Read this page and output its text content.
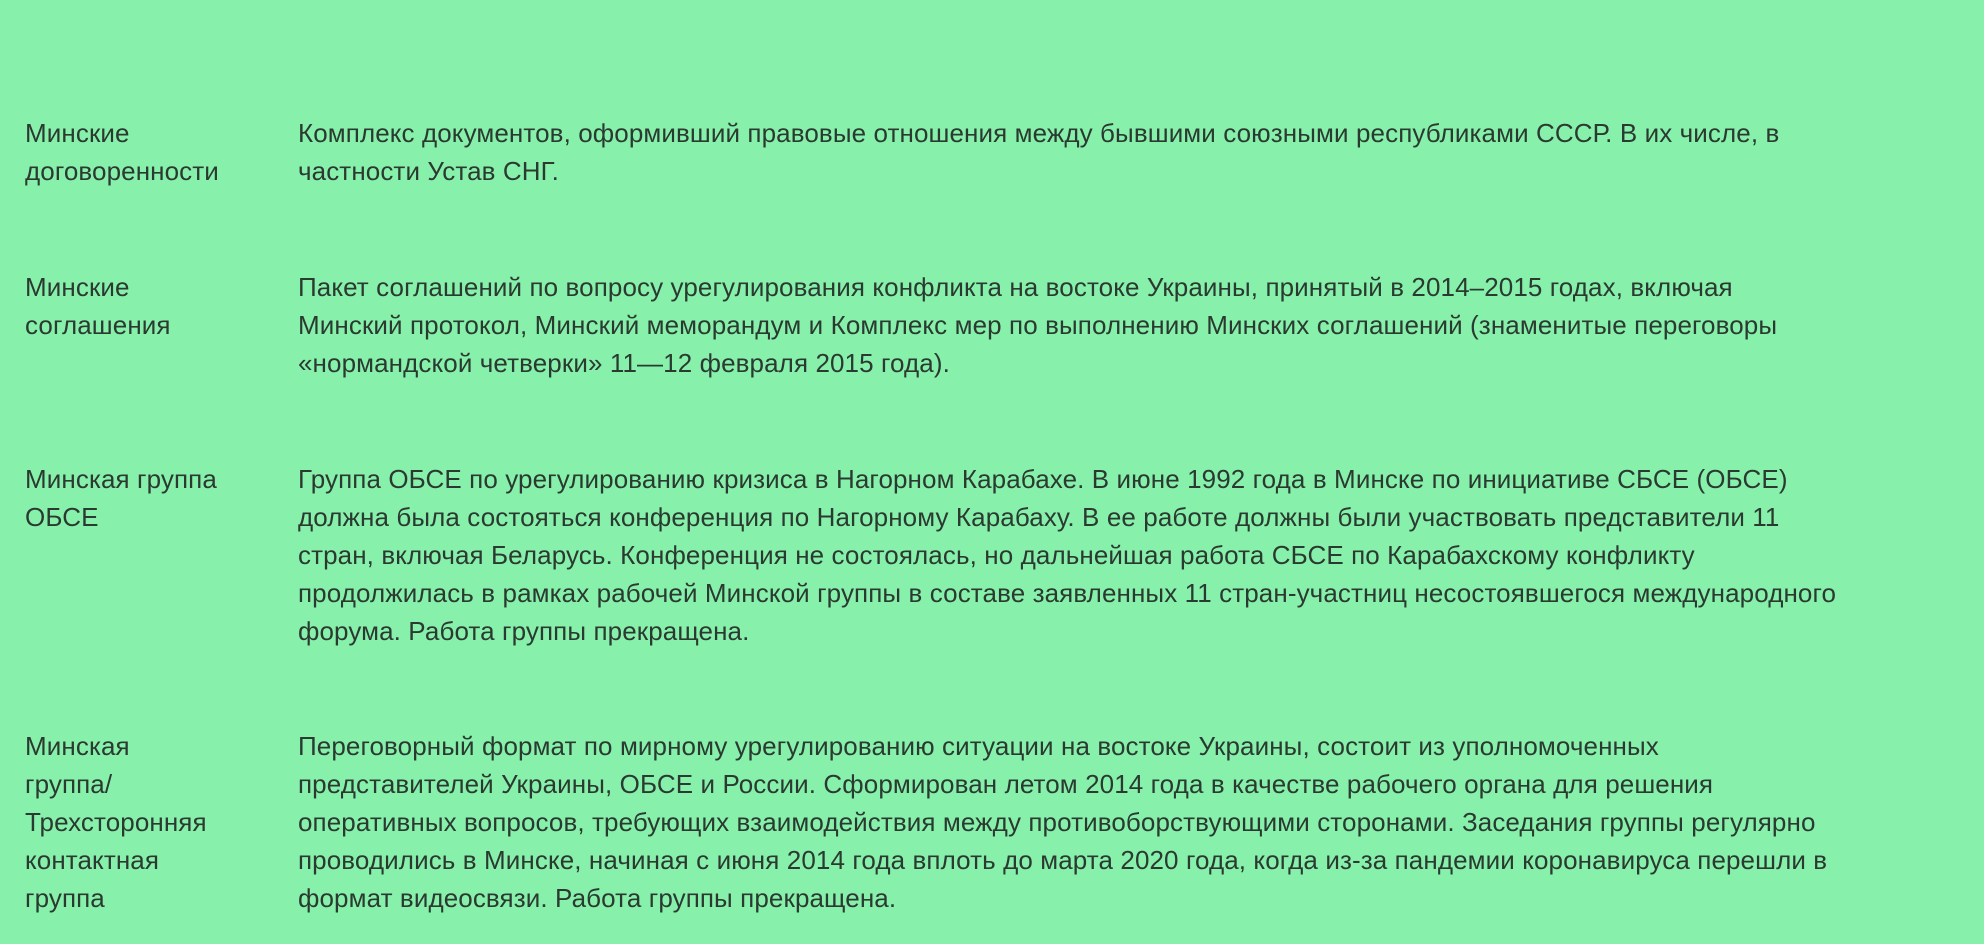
Минские
договоренности
Комплекс документов, оформивший правовые отношения между бывшими союзными республиками СССР. В их числе, в
частности Устав СНГ.
Минские
соглашения
Пакет соглашений по вопросу урегулирования конфликта на востоке Украины, принятый в 2014–2015 годах, включая
Минский протокол, Минский меморандум и Комплекс мер по выполнению Минских соглашений (знаменитые переговоры
«нормандской четверки» 11—12 февраля 2015 года).
Минская группа
ОБСЕ
Группа ОБСЕ по урегулированию кризиса в Нагорном Карабахе. В июне 1992 года в Минске по инициативе СБСЕ (ОБСЕ)
должна была состояться конференция по Нагорному Карабаху. В ее работе должны были участвовать представители 11
стран, включая Беларусь. Конференция не состоялась, но дальнейшая работа СБСЕ по Карабахскому конфликту
продолжилась в рамках рабочей Минской группы в составе заявленных 11 стран-участниц несостоявшегося международного
форума. Работа группы прекращена.
Минская
группа/
Трехсторонняя
контактная
группа
Переговорный формат по мирному урегулированию ситуации на востоке Украины, состоит из уполномоченных
представителей Украины, ОБСЕ и России. Сформирован летом 2014 года в качестве рабочего органа для решения
оперативных вопросов, требующих взаимодействия между противоборствующими сторонами. Заседания группы регулярно
проводились в Минске, начиная с июня 2014 года вплоть до марта 2020 года, когда из-за пандемии коронавируса перешли в
формат видеосвязи. Работа группы прекращена.
